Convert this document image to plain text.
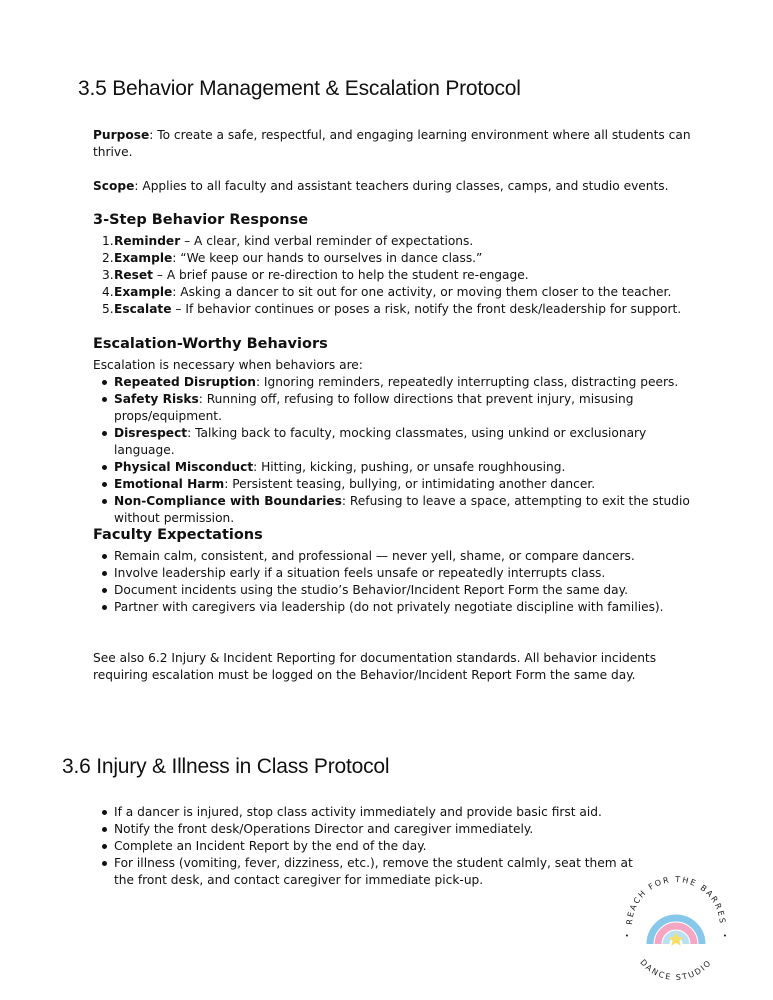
3.5 Behavior Management & Escalation Protocol

Purpose: To create a safe, respectful, and engaging learning environment where all students can thrive.

Scope: Applies to all faculty and assistant teachers during classes, camps, and studio events.

3-Step Behavior Response
1. Reminder – A clear, kind verbal reminder of expectations.
2. Example: “We keep our hands to ourselves in dance class.”
3. Reset – A brief pause or re-direction to help the student re-engage.
4. Example: Asking a dancer to sit out for one activity, or moving them closer to the teacher.
5. Escalate – If behavior continues or poses a risk, notify the front desk/leadership for support.
Escalation-Worthy Behaviors

Escalation is necessary when behaviors are:

Repeated Disruption: Ignoring reminders, repeatedly interrupting class, distracting peers.
Safety Risks: Running off, refusing to follow directions that prevent injury, misusing props/equipment.
Disrespect: Talking back to faculty, mocking classmates, using unkind or exclusionary language.
Physical Misconduct: Hitting, kicking, pushing, or unsafe roughhousing.
Emotional Harm: Persistent teasing, bullying, or intimidating another dancer.
Non-Compliance with Boundaries: Refusing to leave a space, attempting to exit the studio without permission.
Faculty Expectations
Remain calm, consistent, and professional — never yell, shame, or compare dancers.
Involve leadership early if a situation feels unsafe or repeatedly interrupts class.
Document incidents using the studio’s Behavior/Incident Report Form the same day.
Partner with caregivers via leadership (do not privately negotiate discipline with families).

See also 6.2 Injury & Incident Reporting for documentation standards. All behavior incidents requiring escalation must be logged on the Behavior/Incident Report Form the same day.

3.6 Injury & Illness in Class Protocol
If a dancer is injured, stop class activity immediately and provide basic first aid.
Notify the front desk/Operations Director and caregiver immediately.
Complete an Incident Report by the end of the day.
For illness (vomiting, fever, dizziness, etc.), remove the student calmly, seat them at the front desk, and contact caregiver for immediate pick-up.
REACH FOR THE BARRES
DANCE STUDIO
•	•
